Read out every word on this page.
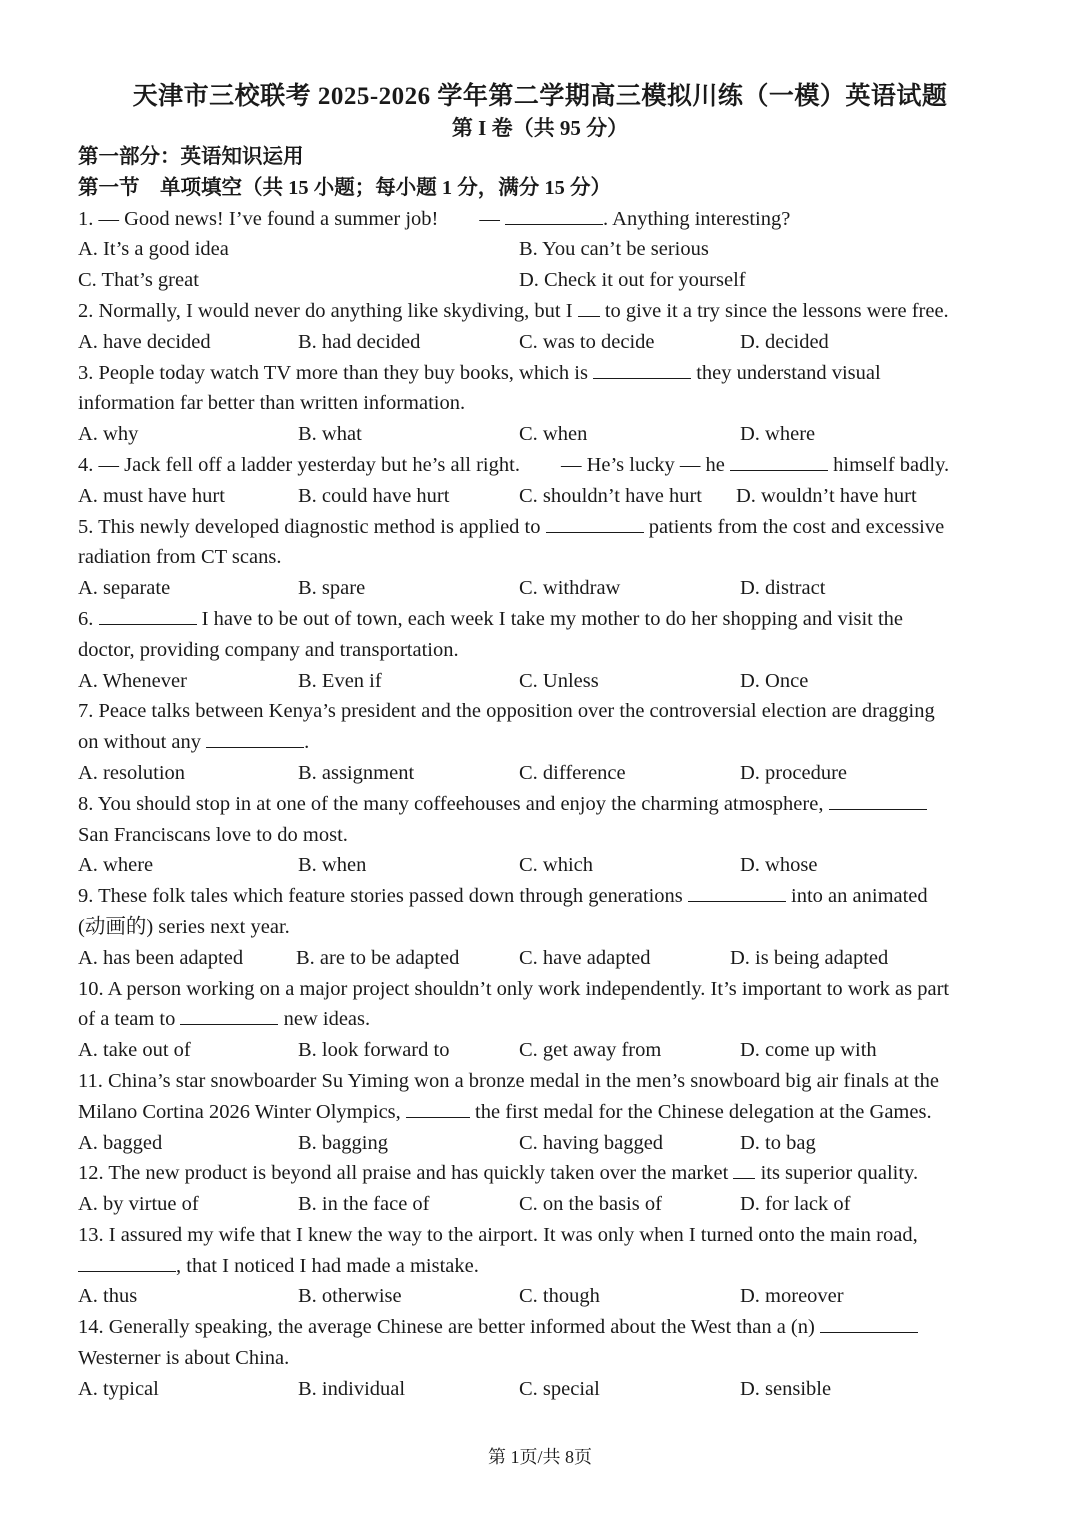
天津市三校联考 2025-2026 学年第二学期高三模拟川练（一模）英语试题
第 I 卷（共 95 分）
第一部分：英语知识运用
第一节　单项填空（共 15 小题；每小题 1 分，满分 15 分）
1. — Good news! I’ve found a summer job!　　—	. Anything interesting?
A. It’s a good idea	B. You can’t be serious
C. That’s great	D. Check it out for yourself
2. Normally, I would never do anything like skydiving, but I  to give it a try since the lessons were free.
A. have decided	B. had decided	C. was to decide	D. decided
3. People today watch TV more than they buy books, which is	they understand visual
information far better than written information.
A. why	B. what	C. when	D. where
4. — Jack fell off a ladder yesterday but he’s all right.　　— He’s lucky — he	himself badly.
A. must have hurt	B. could have hurt	C. shouldn’t have hurt D. wouldn’t have hurt
5. This newly developed diagnostic method is applied to	patients from the cost and excessive
radiation from CT scans.
A. separate	B. spare	C. withdraw	D. distract
6.	I have to be out of town, each week I take my mother to do her shopping and visit the
doctor, providing company and transportation.
A. Whenever	B. Even if	C. Unless	D. Once
7. Peace talks between Kenya’s president and the opposition over the controversial election are dragging
on without any	.
A. resolution	B. assignment	C. difference	D. procedure
8. You should stop in at one of the many coffeehouses and enjoy the charming atmosphere,
San Franciscans love to do most.
A. where	B. when	C. which	D. whose
9. These folk tales which feature stories passed down through generations	into an animated
(动画的) series next year.
A. has been adapted	B. are to be adapted	C. have adapted	D. is being adapted
10. A person working on a major project shouldn’t only work independently. It’s important to work as part
of a team to	new ideas.
A. take out of	B. look forward to	C. get away from	D. come up with
11. China’s star snowboarder Su Yiming won a bronze medal in the men’s snowboard big air finals at the
Milano Cortina 2026 Winter Olympics,	the first medal for the Chinese delegation at the Games.
A. bagged	B. bagging	C. having bagged	D. to bag
12. The new product is beyond all praise and has quickly taken over the market  its superior quality.
A. by virtue of	B. in the face of	C. on the basis of	D. for lack of
13. I assured my wife that I knew the way to the airport. It was only when I turned onto the main road,
, that I noticed I had made a mistake.
A. thus	B. otherwise	C. though	D. moreover
14. Generally speaking, the average Chinese are better informed about the West than a (n)
Westerner is about China.
A. typical	B. individual	C. special	D. sensible
第 1页/共 8页
